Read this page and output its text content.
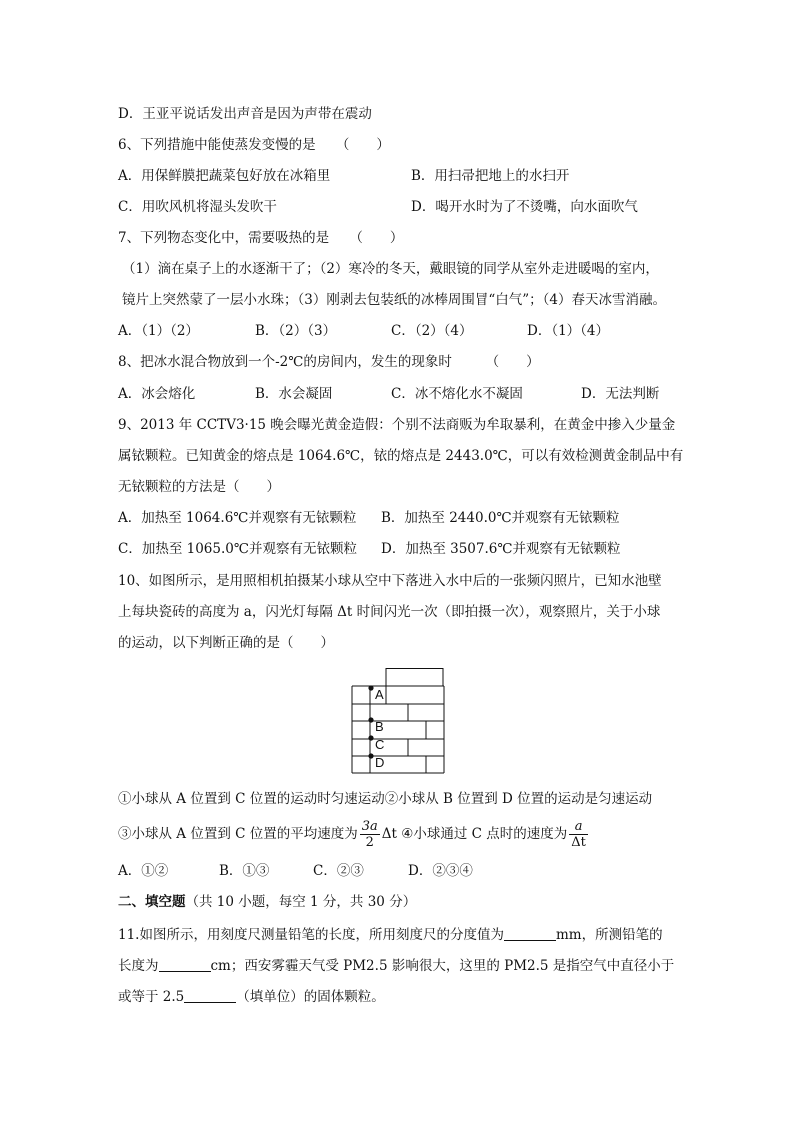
D．王亚平说话发出声音是因为声带在震动
6、下列措施中能使蒸发变慢的是　　（　　）
A．用保鲜膜把蔬菜包好放在冰箱里	B．用扫帚把地上的水扫开
C．用吹风机将湿头发吹干	D．喝开水时为了不烫嘴，向水面吹气
7、下列物态变化中，需要吸热的是　　（　　）
（1）滴在桌子上的水逐渐干了；（2）寒冷的冬天，戴眼镜的同学从室外走进暖喝的室内，
镜片上突然蒙了一层小水珠；（3）刚剥去包装纸的冰棒周围冒“白气”；（4）春天冰雪消融。
A．（1）（2）	B．（2）（3）	C．（2）（4）	D．（1）（4）
8、把冰水混合物放到一个-2℃的房间内，发生的现象时　　　（　　）
A．冰会熔化	B．水会凝固	C．冰不熔化水不凝固	D．无法判断
9、2013 年 CCTV3·15 晚会曝光黄金造假：个别不法商贩为牟取暴利，在黄金中掺入少量金
属铱颗粒。已知黄金的熔点是 1064.6℃，铱的熔点是 2443.0℃，可以有效检测黄金制品中有
无铱颗粒的方法是（　　）
A．加热至 1064.6℃并观察有无铱颗粒 B．加热至 2440.0℃并观察有无铱颗粒
C．加热至 1065.0℃并观察有无铱颗粒 D．加热至 3507.6℃并观察有无铱颗粒
10、如图所示，是用照相机拍摄某小球从空中下落进入水中后的一张频闪照片，已知水池壁
上每块瓷砖的高度为 a，闪光灯每隔 Δt 时间闪光一次（即拍摄一次），观察照片，关于小球
的运动，以下判断正确的是（　　）
A
B
C
D
①小球从 A 位置到 C 位置的运动时匀速运动②小球从 B 位置到 D 位置的运动是匀速运动
③小球从 A 位置到 C 位置的平均速度为 $\frac{3a}{2}$ Δt ④小球通过 C 点时的速度为 $\frac{a}{\Delta t}$
A．①②	B．①③	C．②③	D．②③④
二、填空题（共 10 小题，每空 1 分，共 30 分）
11.如图所示，用刻度尺测量铅笔的长度，所用刻度尺的分度值为	mm，所测铅笔的
长度为	cm；西安雾霾天气受 PM2.5 影响很大，这里的 PM2.5 是指空气中直径小于
或等于 2.5	（填单位）的固体颗粒。
